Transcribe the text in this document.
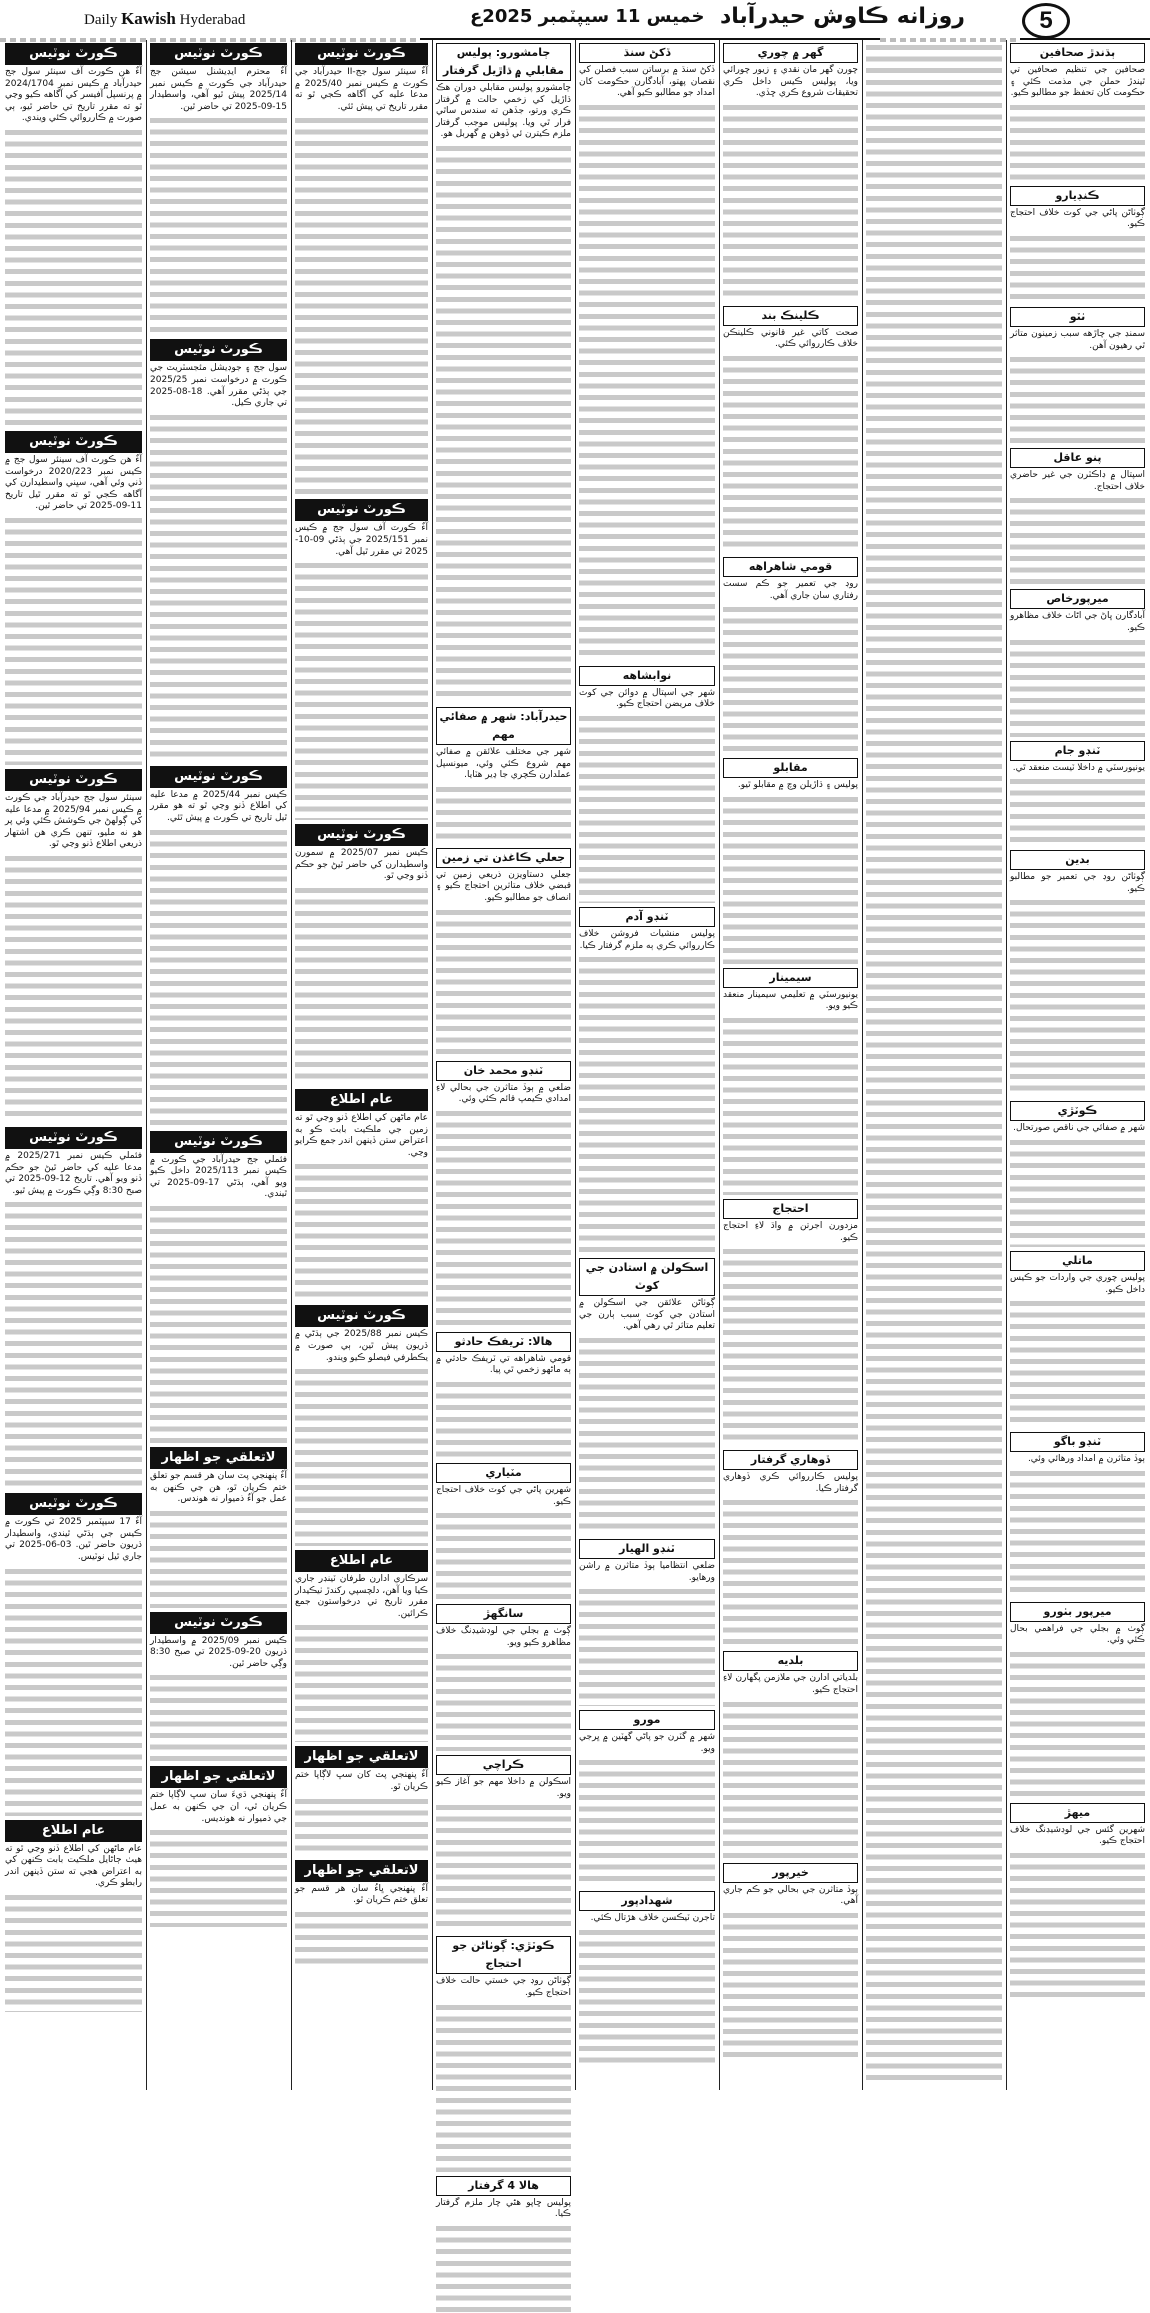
Daily Kawish Hyderabad	خميس 11 سيپٽمبر 2025ع روزانه ڪاوش حيدرآباد	5
ڪورٽ نوٽيس

آءٌ هن ڪورٽ آف سينئر سول جج حيدرآباد ۾ ڪيس نمبر 2024/1704 ۾ پرنسپل آفيسر کي آگاهه ڪيو وڃي ٿو ته مقرر تاريخ تي حاضر ٿيو، ٻي صورت ۾ ڪارروائي ڪئي ويندي.

ڪورٽ نوٽيس

آءٌ هن ڪورٽ آف سينئر سول جج ۾ ڪيس نمبر 2020/223 درخواست ڏني وئي آهي، سڀني واسطيدارن کي آگاهه ڪجي ٿو ته مقرر ٿيل تاريخ 11-09-2025 تي حاضر ٿين.

ڪورٽ نوٽيس

سينئر سول جج حيدرآباد جي ڪورٽ ۾ ڪيس نمبر 2025/94 ۾ مدعا عليه کي ڳولهڻ جي ڪوشش ڪئي وئي پر هو نه مليو، تنهن ڪري هن اشتهار ذريعي اطلاع ڏنو وڃي ٿو.

ڪورٽ نوٽيس

فئملي ڪيس نمبر 2025/271 ۾ مدعا عليه کي حاضر ٿيڻ جو حڪم ڏنو ويو آهي. تاريخ 12-09-2025 تي صبح 8:30 وڳي ڪورٽ ۾ پيش ٿيو.

ڪورٽ نوٽيس

آءٌ 17 سيپٽمبر 2025 تي ڪورٽ ۾ ڪيس جي ٻڌڻي ٿيندي، واسطيدار ڌريون حاضر ٿين. 03-06-2025 تي جاري ٿيل نوٽيس.

عام اطلاع

عام ماڻهن کي اطلاع ڏنو وڃي ٿو ته هيٺ ڄاڻايل ملڪيت بابت ڪنهن کي به اعتراض هجي ته ستن ڏينهن اندر رابطو ڪري.

ڪورٽ نوٽيس

آءٌ محترم ايڊيشنل سيشن جج حيدرآباد جي ڪورٽ ۾ ڪيس نمبر 2025/14 پيش ٿيو آهي، واسطيدار 15-09-2025 تي حاضر ٿين.

ڪورٽ نوٽيس

سول جج ۽ جوڊيشل مئجسٽريٽ جي ڪورٽ ۾ درخواست نمبر 2025/25 جي ٻڌڻي مقرر آهي. 18-08-2025 تي جاري ڪيل.

ڪورٽ نوٽيس

ڪيس نمبر 2025/44 ۾ مدعا عليه کي اطلاع ڏنو وڃي ٿو ته هو مقرر ٿيل تاريخ تي ڪورٽ ۾ پيش ٿئي.

ڪورٽ نوٽيس

فئملي جج حيدرآباد جي ڪورٽ ۾ ڪيس نمبر 2025/113 داخل ڪيو ويو آهي، ٻڌڻي 17-09-2025 تي ٿيندي.

لاتعلقي جو اظهار

آءٌ پنهنجي پٽ سان هر قسم جو تعلق ختم ڪريان ٿو، هن جي ڪنهن به عمل جو آءٌ ذميوار نه هوندس.

ڪورٽ نوٽيس

ڪيس نمبر 2025/09 ۾ واسطيدار ڌريون 20-09-2025 تي صبح 8:30 وڳي حاضر ٿين.

لاتعلقي جو اظهار

آءٌ پنهنجي ڌيءَ سان سڀ لاڳاپا ختم ڪريان ٿي، ان جي ڪنهن به عمل جي ذميوار نه هونديس.

ڪورٽ نوٽيس

آءٌ سينئر سول جج-II حيدرآباد جي ڪورٽ ۾ ڪيس نمبر 2025/40 ۾ مدعا عليه کي آگاهه ڪجي ٿو ته مقرر تاريخ تي پيش ٿئي.

ڪورٽ نوٽيس

آءٌ ڪورٽ آف سول جج ۾ ڪيس نمبر 2025/151 جي ٻڌڻي 09-10-2025 تي مقرر ٿيل آهي.

ڪورٽ نوٽيس

ڪيس نمبر 2025/07 ۾ سمورن واسطيدارن کي حاضر ٿيڻ جو حڪم ڏنو وڃي ٿو.

عام اطلاع

عام ماڻهن کي اطلاع ڏنو وڃي ٿو ته زمين جي ملڪيت بابت ڪو به اعتراض ستن ڏينهن اندر جمع ڪرايو وڃي.

ڪورٽ نوٽيس

ڪيس نمبر 2025/88 جي ٻڌڻي ۾ ڌريون پيش ٿين، ٻي صورت ۾ يڪطرفي فيصلو ڪيو ويندو.

عام اطلاع

سرڪاري ادارن طرفان ٽينڊر جاري ڪيا ويا آهن، دلچسپي رکندڙ ٺيڪيدار مقرر تاريخ تي درخواستون جمع ڪرائين.

لاتعلقي جو اظهار

آءٌ پنهنجي پٽ کان سڀ لاڳاپا ختم ڪريان ٿو.

لاتعلقي جو اظهار

آءٌ پنهنجي ڀاءُ سان هر قسم جو تعلق ختم ڪريان ٿو.

ڄامشورو: پوليس مقابلي ۾ ڌاڙيل گرفتار

ڄامشورو پوليس مقابلي دوران هڪ ڌاڙيل کي زخمي حالت ۾ گرفتار ڪري ورتو، جڏهن ته سندس ساٿي فرار ٿي ويا. پوليس موجب گرفتار ملزم ڪيترن ئي ڏوهن ۾ گهربل هو.

حيدرآباد: شهر ۾ صفائي مهم

شهر جي مختلف علائقن ۾ صفائي مهم شروع ڪئي وئي، ميونسپل عملدارن ڪچري جا ڍير هٽايا.

جعلي ڪاغذن تي زمين

جعلي دستاويزن ذريعي زمين تي قبضي خلاف متاثرين احتجاج ڪيو ۽ انصاف جو مطالبو ڪيو.

ٽنڊو محمد خان

ضلعي ۾ ٻوڏ متاثرن جي بحالي لاءِ امدادي ڪيمپ قائم ڪئي وئي.

هالا: ٽريفڪ حادثو

قومي شاهراهه تي ٽريفڪ حادثي ۾ ٻه ماڻهو زخمي ٿي پيا.

مٽياري

شهرين پاڻي جي کوٽ خلاف احتجاج ڪيو.

سانگهڙ

ڳوٺ ۾ بجلي جي لوڊشيڊنگ خلاف مظاهرو ڪيو ويو.

ڪراچي

اسڪولن ۾ داخلا مهم جو آغاز ڪيو ويو.

ڪوٽڙي: ڳوٺاڻن جو احتجاج

ڳوٺاڻن روڊ جي خستي حالت خلاف احتجاج ڪيو.

هالا 4 گرفتار

پوليس ڇاپو هڻي چار ملزم گرفتار ڪيا.

ڏکڻ سنڌ

ڏکڻ سنڌ ۾ برساتن سبب فصلن کي نقصان پهتو، آبادگارن حڪومت کان امداد جو مطالبو ڪيو آهي.

نوابشاهه

شهر جي اسپتال ۾ دوائن جي کوٽ خلاف مريضن احتجاج ڪيو.

ٽنڊو آدم

پوليس منشيات فروشن خلاف ڪارروائي ڪري ٻه ملزم گرفتار ڪيا.

اسڪولن ۾ استادن جي کوٽ

ڳوٺاڻن علائقن جي اسڪولن ۾ استادن جي کوٽ سبب ٻارن جي تعليم متاثر ٿي رهي آهي.

ٽنڊو الهيار

ضلعي انتظاميا ٻوڏ متاثرن ۾ راشن ورهايو.

مورو

شهر ۾ گٽرن جو پاڻي گهٽين ۾ ڀرجي ويو.

شهدادپور

تاجرن ٽيڪسن خلاف هڙتال ڪئي.

گهر ۾ چوري

چورن گهر مان نقدي ۽ زيور چورائي ويا، پوليس ڪيس داخل ڪري تحقيقات شروع ڪري ڇڏي.

ڪلينڪ بند

صحت کاتي غير قانوني ڪلينڪن خلاف ڪارروائي ڪئي.

قومي شاهراهه

روڊ جي تعمير جو ڪم سست رفتاري سان جاري آهي.

مقابلو

پوليس ۽ ڌاڙيلن وچ ۾ مقابلو ٿيو.

سيمينار

يونيورسٽي ۾ تعليمي سيمينار منعقد ڪيو ويو.

احتجاج

مزدورن اجرتن ۾ واڌ لاءِ احتجاج ڪيو.

ڏوهاري گرفتار

پوليس ڪارروائي ڪري ڏوهاري گرفتار ڪيا.

بلديه

بلدياتي ادارن جي ملازمن پگهارن لاءِ احتجاج ڪيو.

خيرپور

ٻوڏ متاثرن جي بحالي جو ڪم جاري آهي.

ٻڌندڙ صحافين

صحافين جي تنظيم صحافين تي ٿيندڙ حملن جي مذمت ڪئي ۽ حڪومت کان تحفظ جو مطالبو ڪيو.

ڪنڊيارو

ڳوٺاڻن پاڻي جي کوٽ خلاف احتجاج ڪيو.

ٺٽو

سمنڊ جي چاڙهه سبب زمينون متاثر ٿي رهيون آهن.

پنو عاقل

اسپتال ۾ ڊاڪٽرن جي غير حاضري خلاف احتجاج.

ميرپورخاص

آبادگارن ڀاڻ جي اڻاٺ خلاف مظاهرو ڪيو.

ٽنڊو جام

يونيورسٽي ۾ داخلا ٽيسٽ منعقد ٿي.

بدين

ڳوٺاڻن روڊ جي تعمير جو مطالبو ڪيو.

ڪوٽڙي

شهر ۾ صفائي جي ناقص صورتحال.

ماتلي

پوليس چوري جي واردات جو ڪيس داخل ڪيو.

ٽنڊو باگو

ٻوڏ متاثرن ۾ امداد ورهائي وئي.

ميرپور بٺورو

ڳوٺ ۾ بجلي جي فراهمي بحال ڪئي وئي.

ميهڙ

شهرين گئس جي لوڊشيڊنگ خلاف احتجاج ڪيو.
